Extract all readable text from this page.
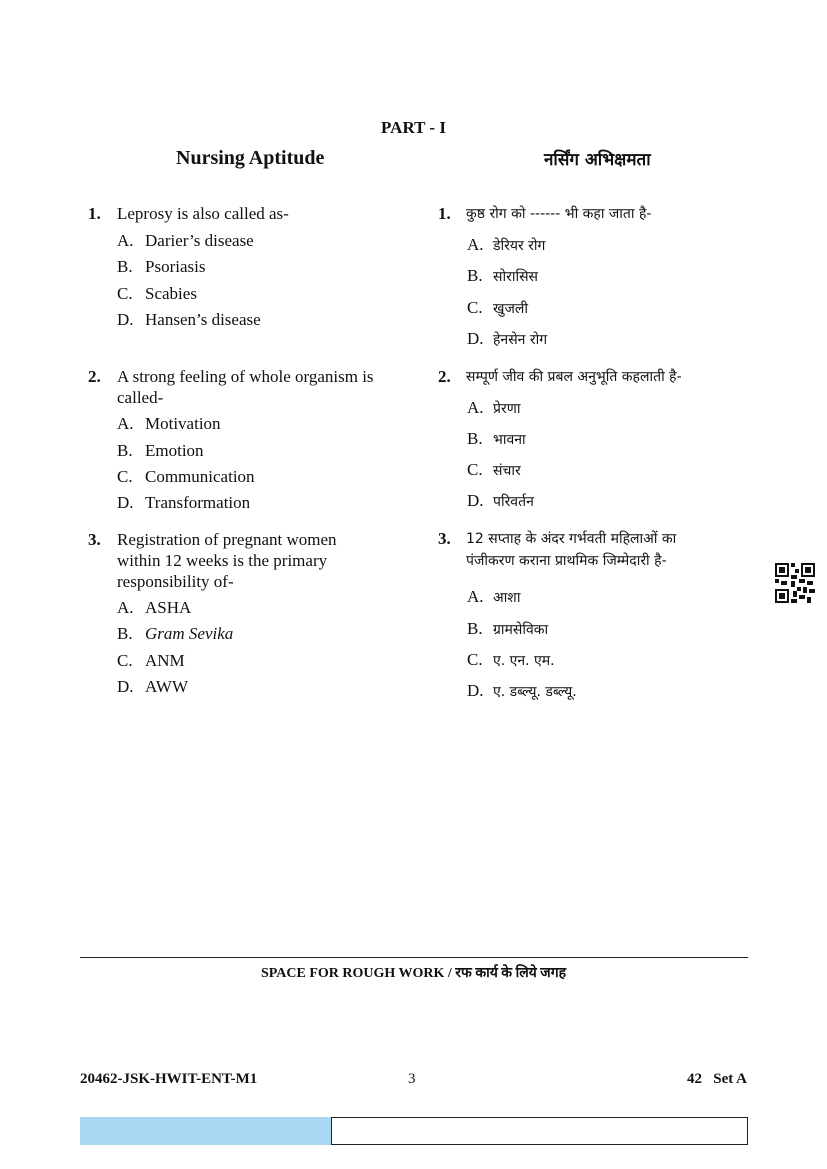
PART - I
Nursing Aptitude	नर्सिंग अभिक्षमता
1. Leprosy is also called as-
A. Darier’s disease
B. Psoriasis
C. Scabies
D. Hansen’s disease
2. A strong feeling of whole organism is called-
A. Motivation
B. Emotion
C. Communication
D. Transformation
3. Registration of pregnant women within 12 weeks is the primary responsibility of-
A. ASHA
B. Gram Sevika
C. ANM
D. AWW
1. कुष्ठ रोग को ------ भी कहा जाता है-
A. डेरियर रोग
B. सोरासिस
C. खुजली
D. हेनसेन रोग
2. सम्पूर्ण जीव की प्रबल अनुभूति कहलाती है-
A. प्रेरणा
B. भावना
C. संचार
D. परिवर्तन
3. 12 सप्ताह के अंदर गर्भवती महिलाओं का पंजीकरण कराना प्राथमिक जिम्मेदारी है-
A. आशा
B. ग्रामसेविका
C. ए. एन. एम.
D. ए. डब्ल्यू. डब्ल्यू.
SPACE FOR ROUGH WORK / रफ कार्य के लिये जगह
20462-JSK-HWIT-ENT-M1	3	42   Set A
